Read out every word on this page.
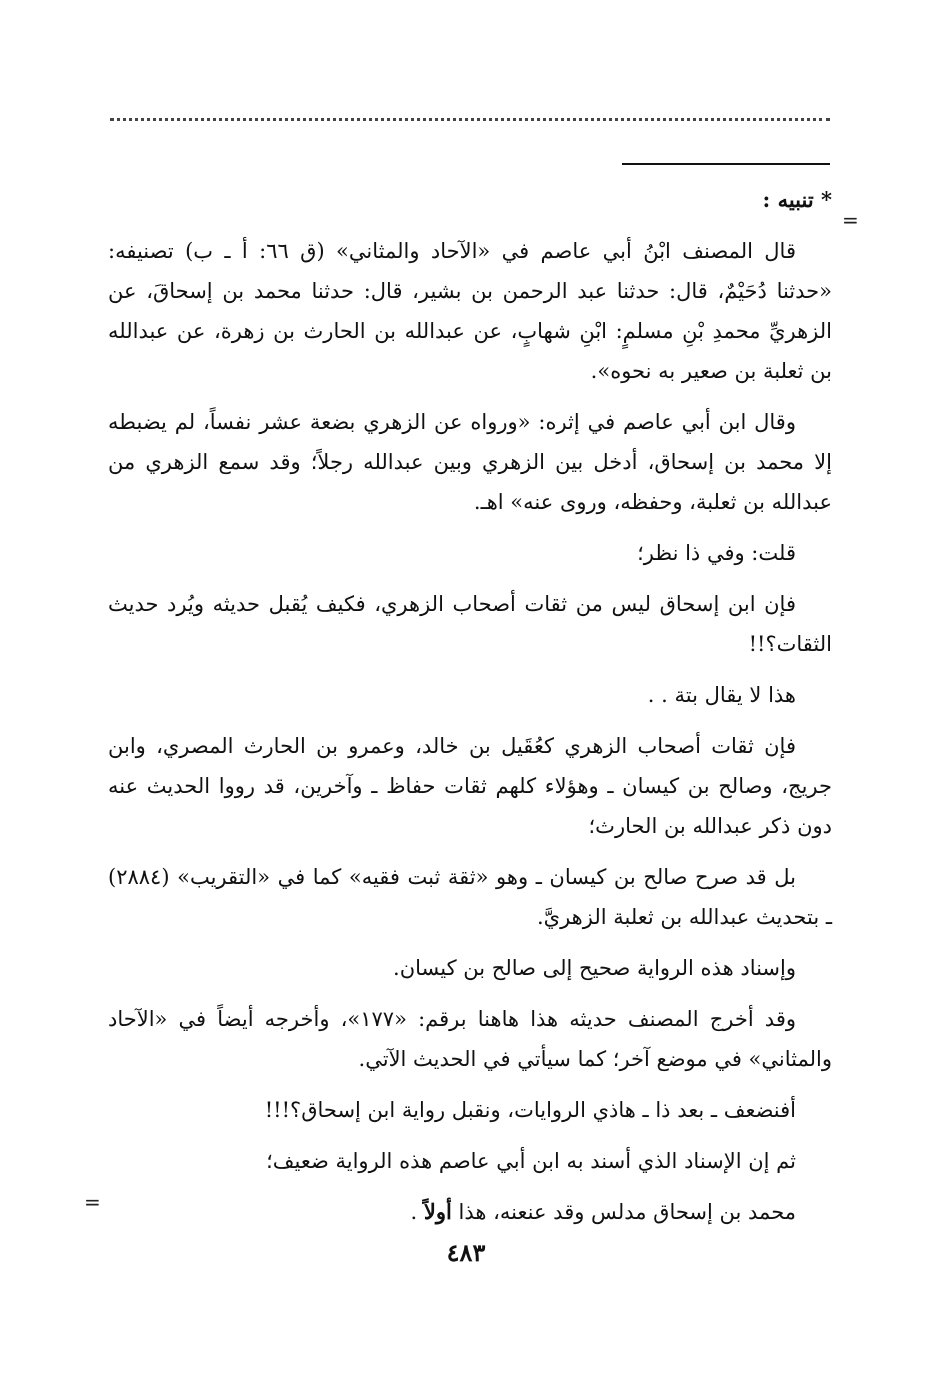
=
=

* تنبيه :

قال المصنف ابْنُ أبي عاصم في «الآحاد والمثاني» (ق ٦٦: أ ـ ب) تصنيفه: «حدثنا دُحَيْمٌ، قال: حدثنا عبد الرحمن بن بشير، قال: حدثنا محمد بن إسحاقَ، عن الزهريِّ محمدِ بْنِ مسلمٍ: ابْنِ شهابٍ، عن عبدالله بن الحارث بن زهرة، عن عبدالله بن ثعلبة بن صعير به نحوه».

وقال ابن أبي عاصم في إثره: «ورواه عن الزهري بضعة عشر نفساً، لم يضبطه إلا محمد بن إسحاق، أدخل بين الزهري وبين عبدالله رجلاً؛ وقد سمع الزهري من عبدالله بن ثعلبة، وحفظه، وروى عنه» اهـ.

قلت: وفي ذا نظر؛

فإن ابن إسحاق ليس من ثقات أصحاب الزهري، فكيف يُقبل حديثه ويُرد حديث الثقات؟!!

هذا لا يقال بتة . .

فإن ثقات أصحاب الزهري كعُقَيل بن خالد، وعمرو بن الحارث المصري، وابن جريج، وصالح بن كيسان ـ وهؤلاء كلهم ثقات حفاظ ـ وآخرين، قد رووا الحديث عنه دون ذكر عبدالله بن الحارث؛

بل قد صرح صالح بن كيسان ـ وهو «ثقة ثبت فقيه» كما في «التقريب» (٢٨٨٤) ـ بتحديث عبدالله بن ثعلبة الزهريَّ.

وإسناد هذه الرواية صحيح إلى صالح بن كيسان.

وقد أخرج المصنف حديثه هذا هاهنا برقم: «١٧٧»، وأخرجه أيضاً في «الآحاد والمثاني» في موضع آخر؛ كما سيأتي في الحديث الآتي.

أفنضعف ـ بعد ذا ـ هاذي الروايات، ونقبل رواية ابن إسحاق؟!!!

ثم إن الإسناد الذي أسند به ابن أبي عاصم هذه الرواية ضعيف؛

محمد بن إسحاق مدلس وقد عنعنه، هذا أولاً .

٤٨٣
